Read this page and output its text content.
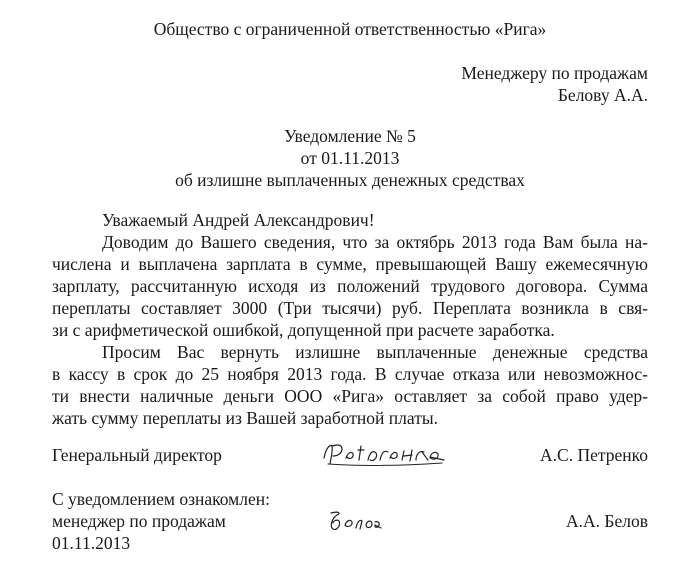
Общество с ограниченной ответственностью «Рига»
Менеджеру по продажам
Белову А.А.
Уведомление № 5
от 01.11.2013
об излишне выплаченных денежных средствах
Уважаемый Андрей Александрович!
Доводим до Вашего сведения, что за октябрь 2013 года Вам была на-
числена и выплачена зарплата в сумме, превышающей Вашу ежемесячную
зарплату, рассчитанную исходя из положений трудового договора. Сумма
переплаты составляет 3000 (Три тысячи) руб. Переплата возникла в свя-
зи с арифметической ошибкой, допущенной при расчете заработка.
Просим Вас вернуть излишне выплаченные денежные средства
в кассу в срок до 25 ноября 2013 года. В случае отказа или невозможнос-
ти внести наличные деньги ООО «Рига» оставляет за собой право удер-
жать сумму переплаты из Вашей заработной платы.
Генеральный директор	А.С. Петренко
С уведомлением ознакомлен:
менеджер по продажам
01.11.2013
А.А. Белов
